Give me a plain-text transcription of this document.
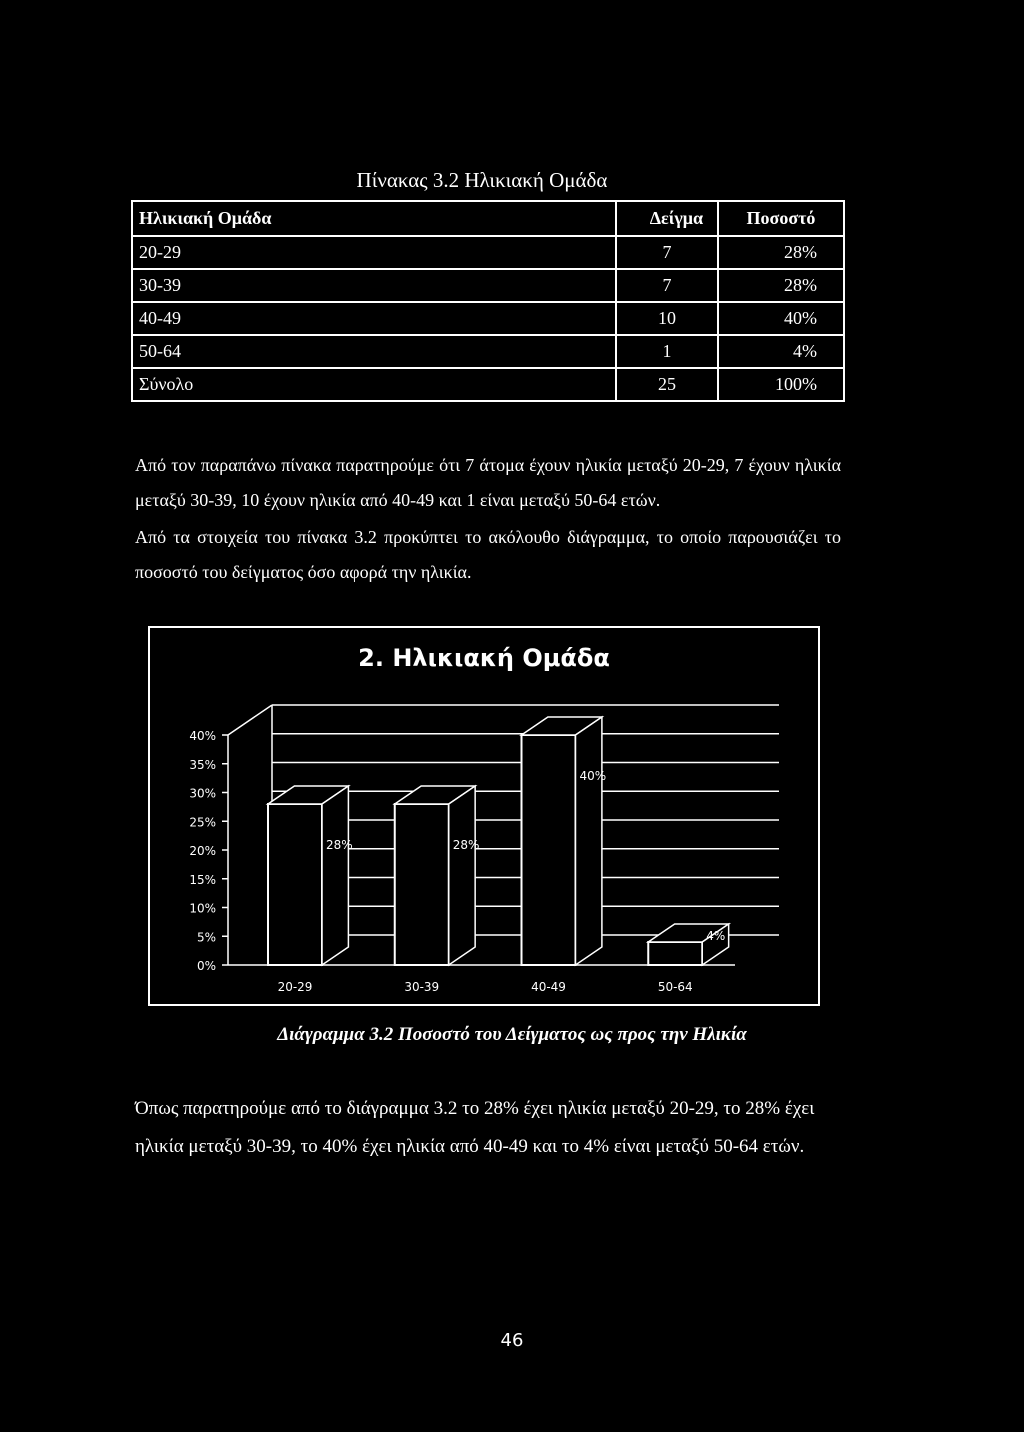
Πίνακας 3.2 Ηλικιακή Ομάδα
Ηλικιακή Ομάδα	Δείγμα	Ποσοστό
20-29	7	28%
30-39	7	28%
40-49	10	40%
50-64	1	4%
Σύνολο	25	100%
Από τον παραπάνω πίνακα παρατηρούμε ότι 7 άτομα έχουν ηλικία μεταξύ 20-29, 7 έχουν ηλικία μεταξύ 30-39, 10 έχουν ηλικία από 40-49 και 1 είναι μεταξύ 50-64 ετών.
Από τα στοιχεία του πίνακα 3.2 προκύπτει το ακόλουθο διάγραμμα, το οποίο παρουσιάζει το ποσοστό του δείγματος όσο αφορά την ηλικία.
2. Ηλικιακή Ομάδα
0%
5%
10%
15%
20%
25%
30%
35%
40%
28%
20-29
28%
30-39
40%
40-49
4%
50-64
Διάγραμμα 3.2 Ποσοστό του Δείγματος ως προς την Ηλικία
Όπως παρατηρούμε από το διάγραμμα 3.2 το 28% έχει ηλικία μεταξύ 20-29, το 28% έχει ηλικία μεταξύ 30-39, το 40% έχει ηλικία από 40-49 και το 4% είναι μεταξύ 50-64 ετών.
46
